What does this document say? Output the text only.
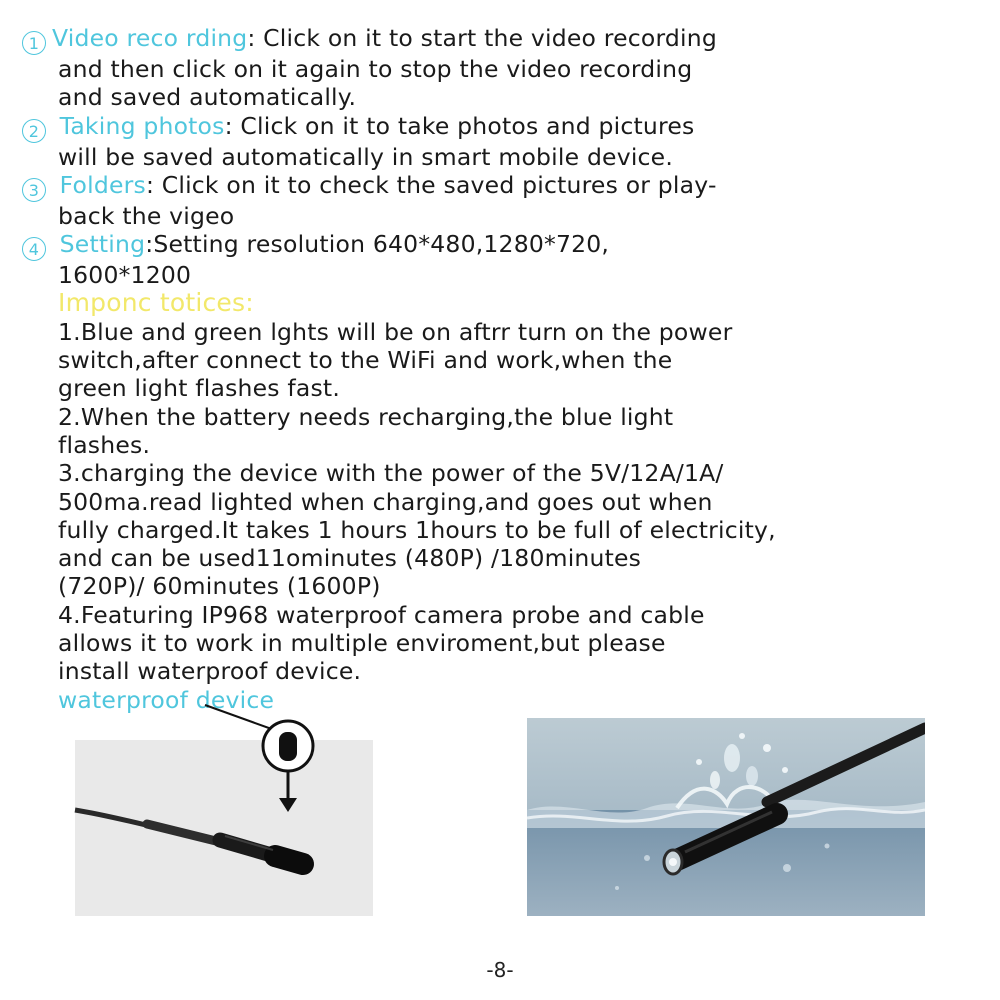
1 Video reco rding: Click on it to start the video recording

and then click on it again to stop the video recording

and saved automatically.

2 Taking photos: Click on it to take photos and pictures

will be saved automatically in smart mobile device.

3 Folders: Click on it to check the saved pictures or play-

back the vigeo

4 Setting:Setting resolution 640*480,1280*720,

1600*1200

Imponc totices:

1.Blue and green lghts will be on aftrr turn on the power

switch,after connect to the WiFi and work,when the

green light flashes fast.

2.When the battery needs recharging,the blue light

flashes.

3.charging the device with the power of the 5V/12A/1A/

500ma.read lighted when charging,and goes out when

fully charged.It takes 1 hours 1hours to be full of electricity,

and can be used11ominutes (480P) /180minutes

(720P)/ 60minutes (1600P)

4.Featuring IP968 waterproof camera probe and cable

allows it to work in multiple enviroment,but please

install waterproof device.

waterproof device

-8-
